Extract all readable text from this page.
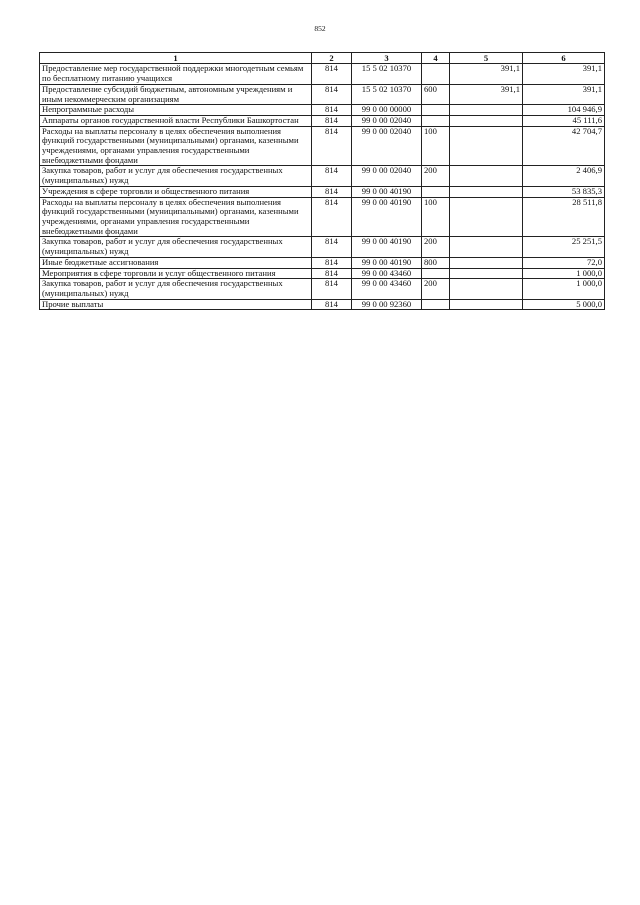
852
1	2	3	4	5	6
Предоставление мер государственной поддержки многодетным семьям по бесплатному питанию учащихся	814	15 5 02 10370		391,1	391,1
Предоставление субсидий бюджетным, автономным учреждениям и иным некоммерческим организациям	814	15 5 02 10370	600	391,1	391,1
Непрограммные расходы	814	99 0 00 00000			104 946,9
Аппараты органов государственной власти Республики Башкортостан	814	99 0 00 02040			45 111,6
Расходы на выплаты персоналу в целях обеспечения выполнения функций государственными (муниципальными) органами, казенными учреждениями, органами управления государственными внебюджетными фондами	814	99 0 00 02040	100		42 704,7
Закупка товаров, работ и услуг для обеспечения государственных (муниципальных) нужд	814	99 0 00 02040	200		2 406,9
Учреждения в сфере торговли и общественного питания	814	99 0 00 40190			53 835,3
Расходы на выплаты персоналу в целях обеспечения выполнения функций государственными (муниципальными) органами, казенными учреждениями, органами управления государственными внебюджетными фондами	814	99 0 00 40190	100		28 511,8
Закупка товаров, работ и услуг для обеспечения государственных (муниципальных) нужд	814	99 0 00 40190	200		25 251,5
Иные бюджетные ассигнования	814	99 0 00 40190	800		72,0
Мероприятия в сфере торговли и услуг общественного питания	814	99 0 00 43460			1 000,0
Закупка товаров, работ и услуг для обеспечения государственных (муниципальных) нужд	814	99 0 00 43460	200		1 000,0
Прочие выплаты	814	99 0 00 92360			5 000,0
